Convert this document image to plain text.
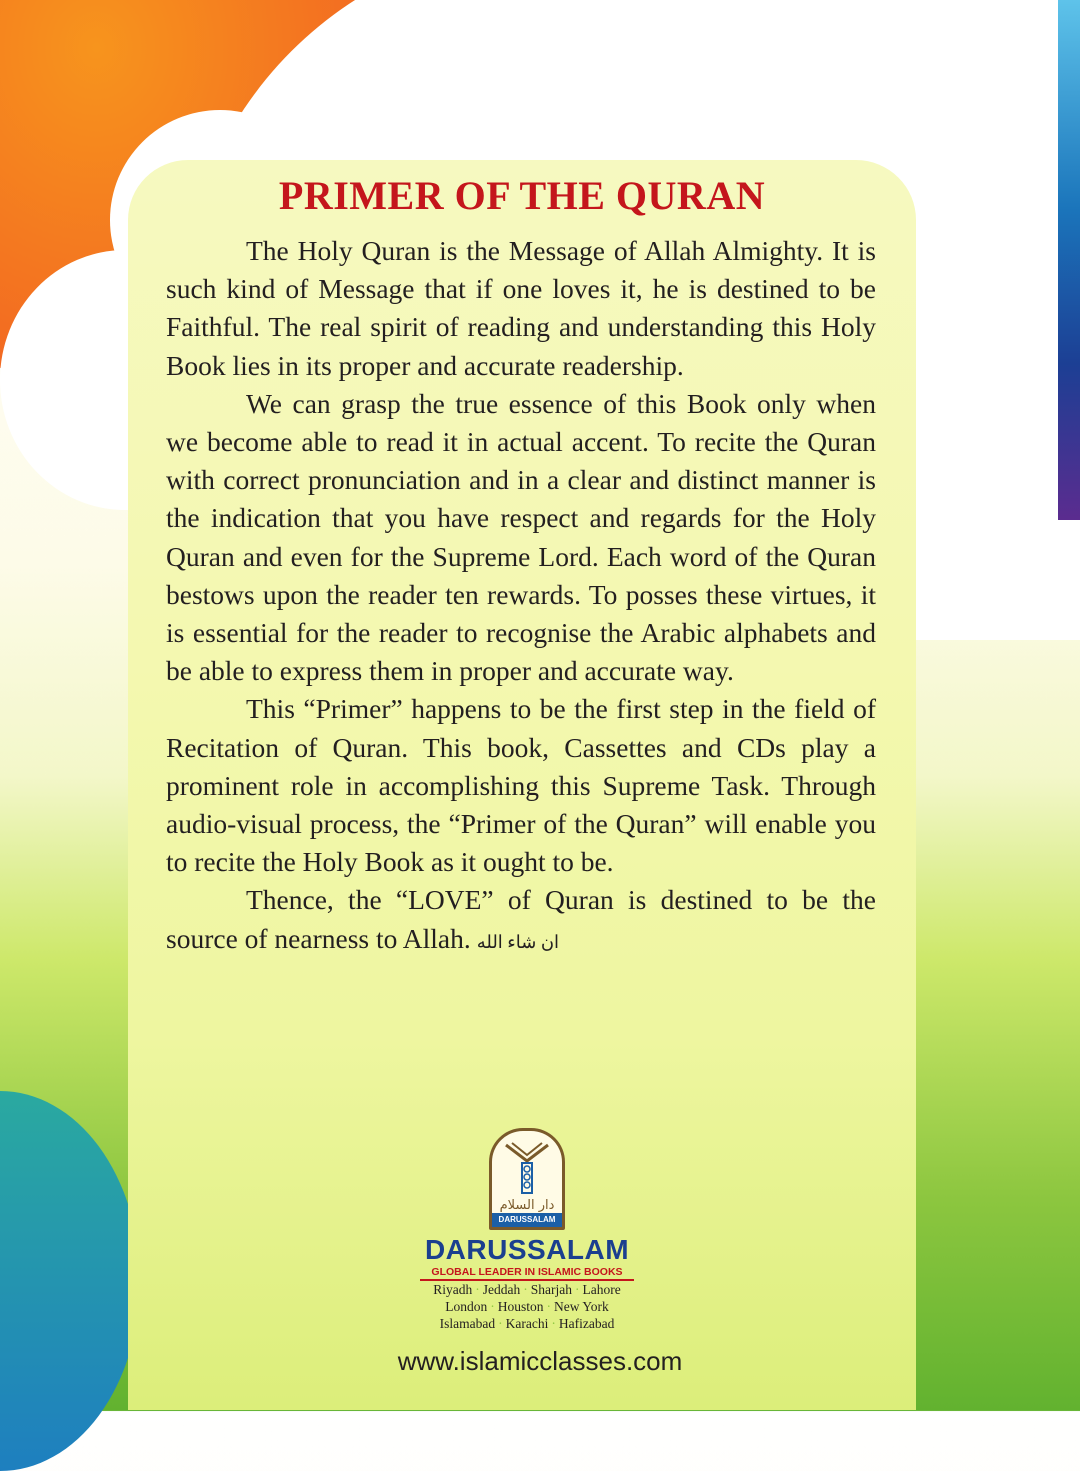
PRIMER OF THE QURAN

The Holy Quran is the Message of Allah Almighty. It is such kind of Message that if one loves it, he is destined to be Faithful. The real spirit of reading and understanding this Holy Book lies in its proper and accurate readership.

We can grasp the true essence of this Book only when we become able to read it in actual accent. To recite the Quran with correct pronunciation and in a clear and distinct manner is the indication that you have respect and regards for the Holy Quran and even for the Supreme Lord. Each word of the Quran bestows upon the reader ten rewards. To posses these virtues, it is essential for the reader to recognise the Arabic alphabets and be able to express them in proper and accurate way.

This “Primer” happens to be the first step in the field of Recitation of Quran. This book, Cassettes and CDs play a prominent role in accomplishing this Supreme Task. Through audio-visual process, the “Primer of the Quran” will enable you to recite the Holy Book as it ought to be.

Thence, the “LOVE” of Quran is destined to be the source of nearness to Allah. ان شاء الله

دار السلام
DARUSSALAM
DARUSSALAM
GLOBAL LEADER IN ISLAMIC BOOKS
Riyadh · Jeddah · Sharjah · Lahore
London · Houston · New York
Islamabad · Karachi · Hafizabad
www.islamicclasses.com
